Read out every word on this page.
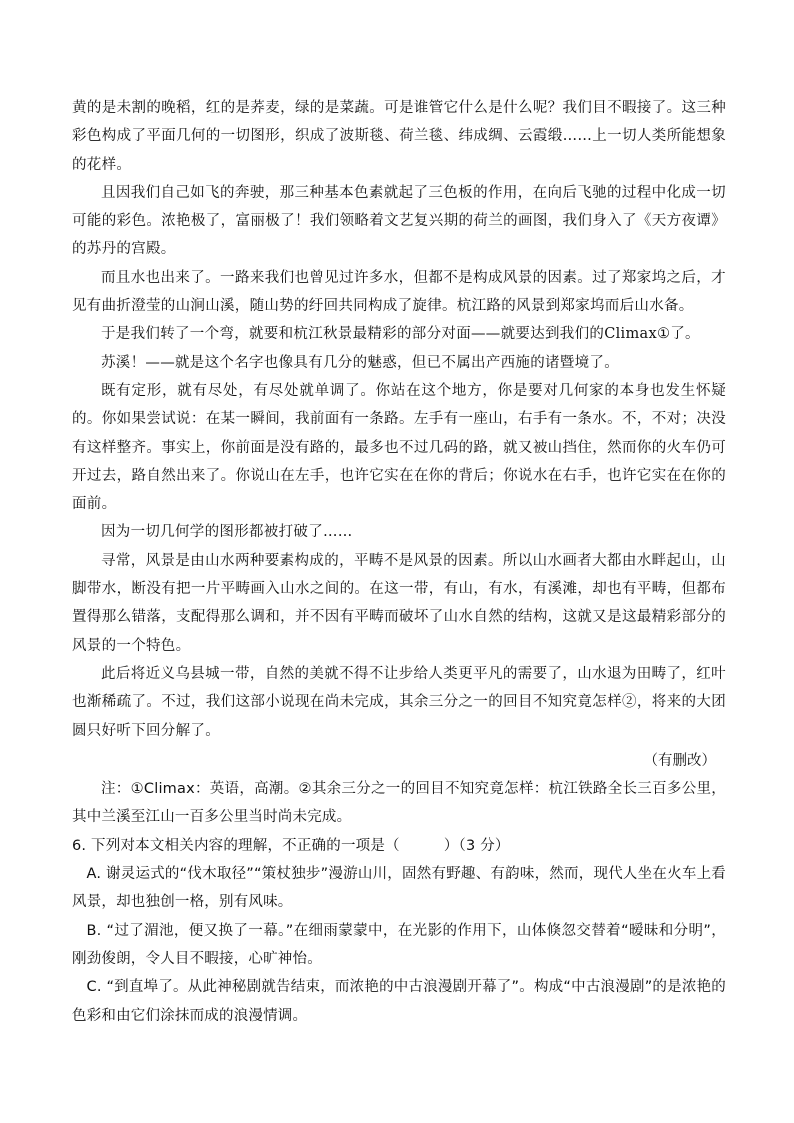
黄的是未割的晚稻，红的是荞麦，绿的是菜蔬。可是谁管它什么是什么呢？我们目不暇接了。这三种彩色构成了平面几何的一切图形，织成了波斯毯、荷兰毯、纬成绸、云霞缎……上一切人类所能想象的花样。

且因我们自己如飞的奔驶，那三种基本色素就起了三色板的作用，在向后飞驰的过程中化成一切可能的彩色。浓艳极了，富丽极了！我们领略着文艺复兴期的荷兰的画图，我们身入了《天方夜谭》的苏丹的宫殿。

而且水也出来了。一路来我们也曾见过许多水，但都不是构成风景的因素。过了郑家坞之后，才见有曲折澄莹的山涧山溪，随山势的纡回共同构成了旋律。杭江路的风景到郑家坞而后山水备。

于是我们转了一个弯，就要和杭江秋景最精彩的部分对面——就要达到我们的Climax①了。

苏溪！——就是这个名字也像具有几分的魅惑，但已不属出产西施的诸暨境了。

既有定形，就有尽处，有尽处就单调了。你站在这个地方，你是要对几何家的本身也发生怀疑的。你如果尝试说：在某一瞬间，我前面有一条路。左手有一座山，右手有一条水。不，不对；决没有这样整齐。事实上，你前面是没有路的，最多也不过几码的路，就又被山挡住，然而你的火车仍可开过去，路自然出来了。你说山在左手，也许它实在在你的背后；你说水在右手，也许它实在在你的面前。

因为一切几何学的图形都被打破了……

寻常，风景是由山水两种要素构成的，平畴不是风景的因素。所以山水画者大都由水畔起山，山脚带水，断没有把一片平畴画入山水之间的。在这一带，有山，有水，有溪滩，却也有平畴，但都布置得那么错落，支配得那么调和，并不因有平畴而破坏了山水自然的结构，这就又是这最精彩部分的风景的一个特色。

此后将近义乌县城一带，自然的美就不得不让步给人类更平凡的需要了，山水退为田畴了，红叶也渐稀疏了。不过，我们这部小说现在尚未完成，其余三分之一的回目不知究竟怎样②，将来的大团圆只好听下回分解了。

（有删改）

注：①Climax：英语，高潮。②其余三分之一的回目不知究竟怎样：杭江铁路全长三百多公里，其中兰溪至江山一百多公里当时尚未完成。

6. 下列对本文相关内容的理解，不正确的一项是（　　　）（3 分）

A. 谢灵运式的“伐木取径”“策杖独步”漫游山川，固然有野趣、有韵味，然而，现代人坐在火车上看风景，却也独创一格，别有风味。

B. “过了湄池，便又换了一幕。”在细雨蒙蒙中，在光影的作用下，山体倏忽交替着“暧昧和分明”，刚劲俊朗，令人目不暇接，心旷神怡。

C. “到直埠了。从此神秘剧就告结束，而浓艳的中古浪漫剧开幕了”。构成“中古浪漫剧”的是浓艳的色彩和由它们涂抹而成的浪漫情调。
